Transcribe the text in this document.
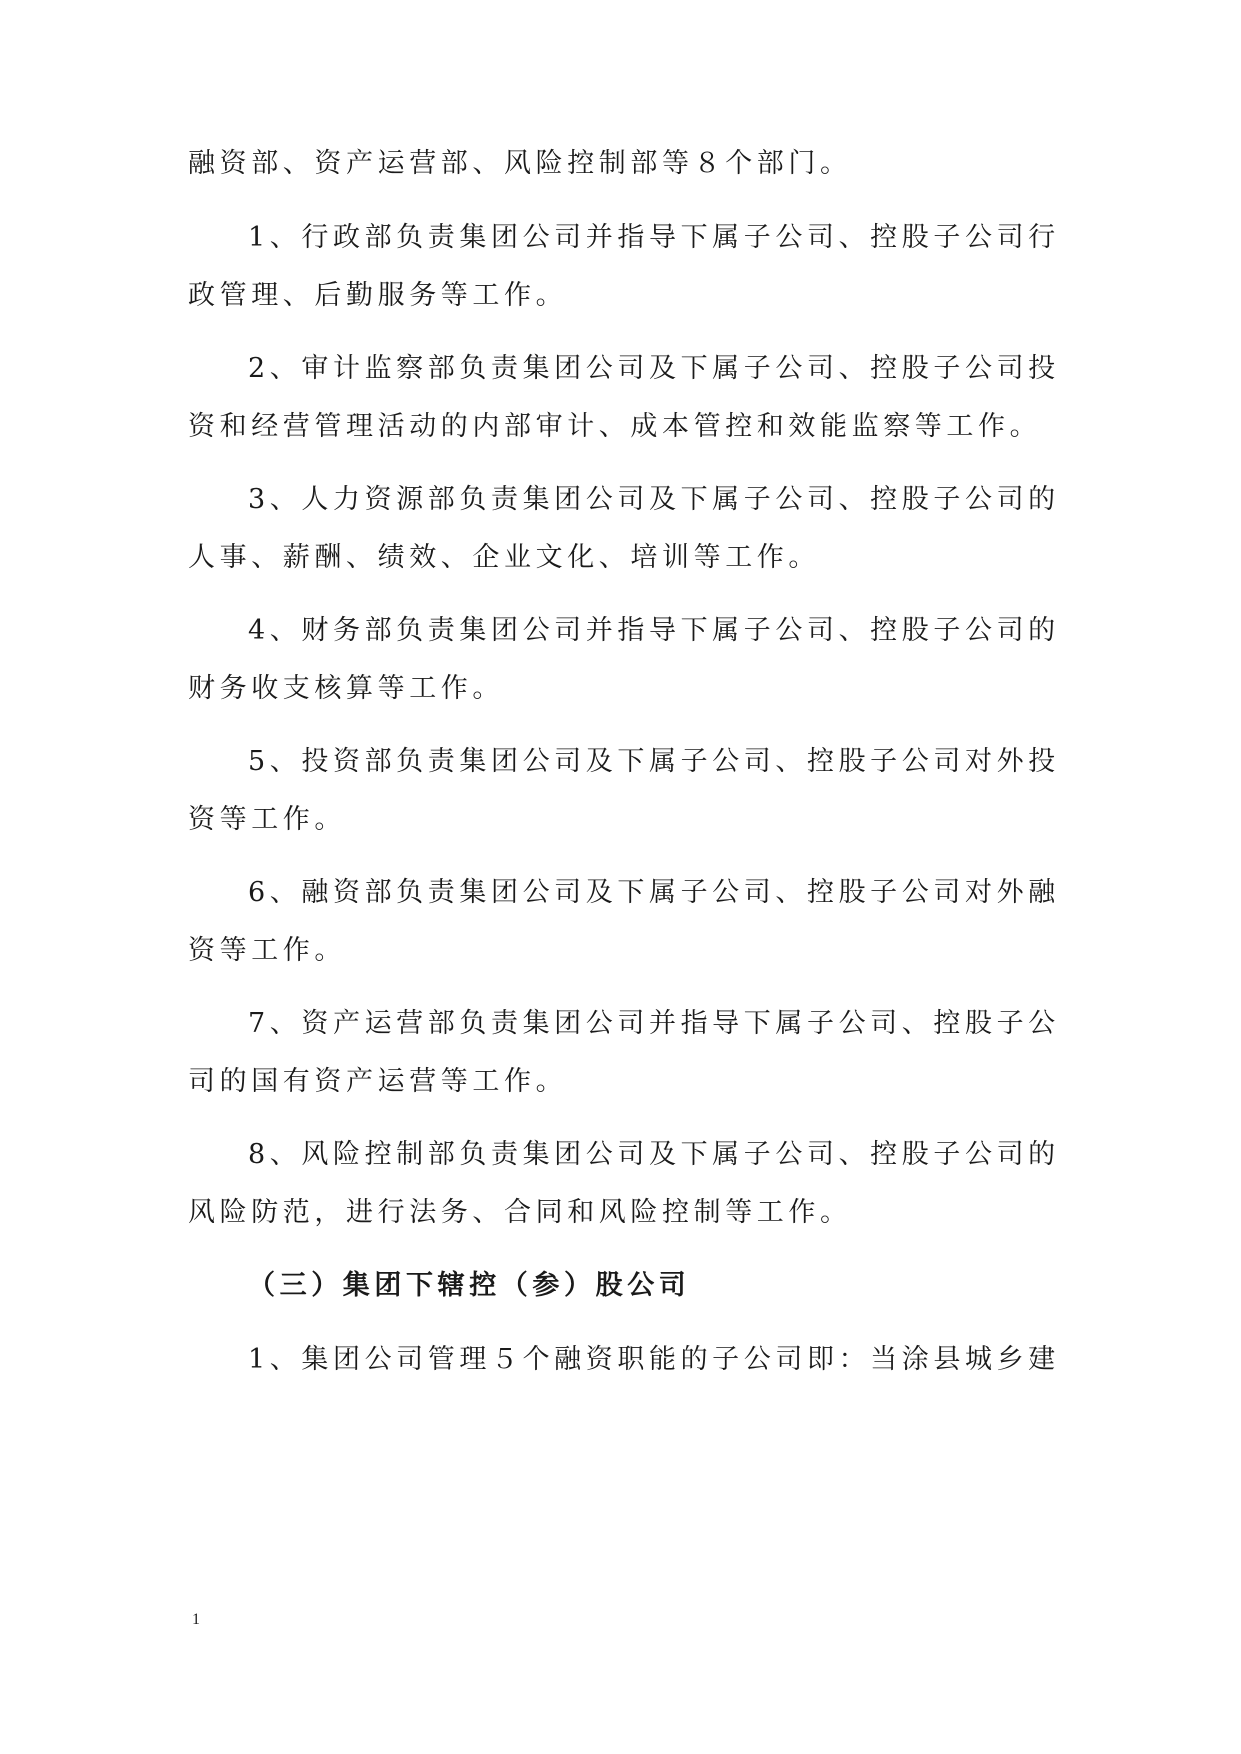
融资部、资产运营部、风险控制部等８个部门。
1、行政部负责集团公司并指导下属子公司、控股子公司行
政管理、后勤服务等工作。
2、审计监察部负责集团公司及下属子公司、控股子公司投
资和经营管理活动的内部审计、成本管控和效能监察等工作。
3、人力资源部负责集团公司及下属子公司、控股子公司的
人事、薪酬、绩效、企业文化、培训等工作。
4、财务部负责集团公司并指导下属子公司、控股子公司的
财务收支核算等工作。
5、投资部负责集团公司及下属子公司、控股子公司对外投
资等工作。
6、融资部负责集团公司及下属子公司、控股子公司对外融
资等工作。
7、资产运营部负责集团公司并指导下属子公司、控股子公
司的国有资产运营等工作。
8、风险控制部负责集团公司及下属子公司、控股子公司的
风险防范，进行法务、合同和风险控制等工作。
（三）集团下辖控（参）股公司
1、集团公司管理５个融资职能的子公司即：当涂县城乡建
1
